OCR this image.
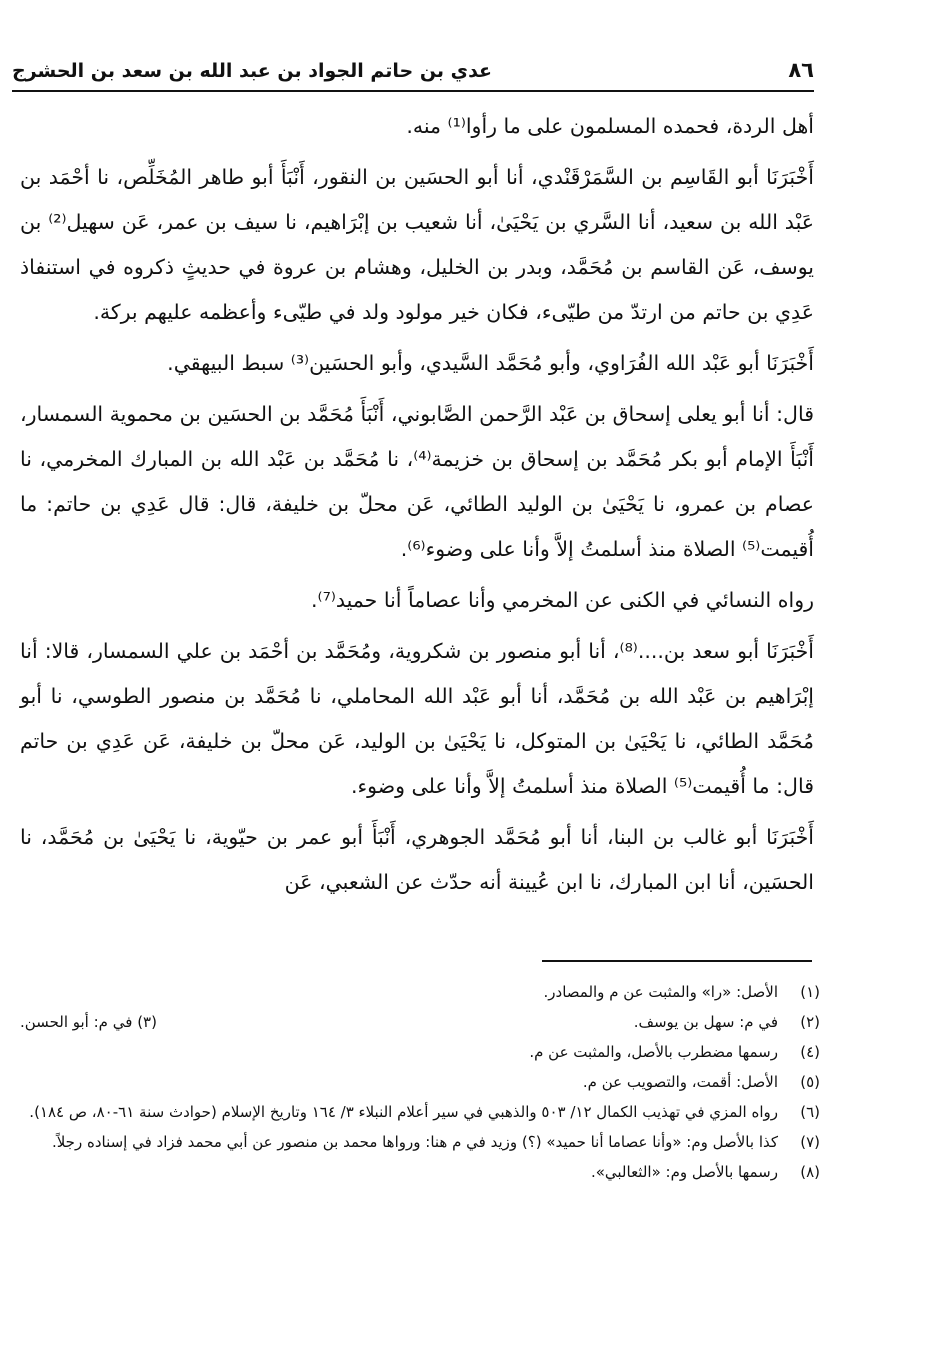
٨٦
عدي بن حاتم الجواد بن عبد الله بن سعد بن الحشرج

أهل الردة، فحمده المسلمون على ما رأوا⁽¹⁾ منه.

أَخْبَرَنَا أبو القَاسِم بن السَّمَرْقَنْدي، أنا أبو الحسَين بن النقور، أَنْبَأَ أبو طاهر المُخَلِّص، نا أحْمَد بن عَبْد الله بن سعيد، أنا السَّري بن يَحْيَىٰ، أنا شعيب بن إبْرَاهيم، نا سيف بن عمر، عَن سهيل⁽²⁾ بن يوسف، عَن القاسم بن مُحَمَّد، وبدر بن الخليل، وهشام بن عروة في حديثٍ ذكروه في استنفاذ عَدِي بن حاتم من ارتدّ من طيّىء، فكان خير مولود ولد في طيّىء وأعظمه عليهم بركة.

أَخْبَرَنَا أبو عَبْد الله الفُرَاوي، وأبو مُحَمَّد السَّيدي، وأبو الحسَين⁽³⁾ سبط البيهقي.

قال: أنا أبو يعلى إسحاق بن عَبْد الرَّحمن الصَّابوني، أَنْبَأَ مُحَمَّد بن الحسَين بن محموية السمسار، أَنْبَأَ الإمام أبو بكر مُحَمَّد بن إسحاق بن خزيمة⁽⁴⁾، نا مُحَمَّد بن عَبْد الله بن المبارك المخرمي، نا عصام بن عمرو، نا يَحْيَىٰ بن الوليد الطائي، عَن محلّ بن خليفة، قال: قال عَدِي بن حاتم: ما أُقيمت⁽⁵⁾ الصلاة منذ أسلمتُ إلاَّ وأنا على وضوء⁽⁶⁾.

رواه النسائي في الكنى عن المخرمي وأنا عصاماً أنا حميد⁽⁷⁾.

أَخْبَرَنَا أبو سعد بن....⁽⁸⁾، أنا أبو منصور بن شكروية، ومُحَمَّد بن أحْمَد بن علي السمسار، قالا: أنا إبْرَاهيم بن عَبْد الله بن مُحَمَّد، أنا أبو عَبْد الله المحاملي، نا مُحَمَّد بن منصور الطوسي، نا أبو مُحَمَّد الطائي، نا يَحْيَىٰ بن المتوكل، نا يَحْيَىٰ بن الوليد، عَن محلّ بن خليفة، عَن عَدِي بن حاتم قال: ما أُقيمت⁽⁵⁾ الصلاة منذ أسلمتُ إلاَّ وأنا على وضوء.

أَخْبَرَنَا أبو غالب بن البنا، أنا أبو مُحَمَّد الجوهري، أَنْبَأَ أبو عمر بن حيّوية، نا يَحْيَىٰ بن مُحَمَّد، نا الحسَين، أنا ابن المبارك، نا ابن عُيينة أنه حدّث عن الشعبي، عَن

(١)
الأصل: «را» والمثبت عن م والمصادر.
(٢)
في م: سهل بن يوسف.
(٣) في م: أبو الحسن.
(٤)
رسمها مضطرب بالأصل، والمثبت عن م.
(٥)
الأصل: أقمت، والتصويب عن م.
(٦)
رواه المزي في تهذيب الكمال ١٢/ ٥٠٣ والذهبي في سير أعلام النبلاء ٣/ ١٦٤ وتاريخ الإسلام (حوادث سنة ٦١-٨٠، ص ١٨٤).
(٧)
كذا بالأصل وم: «وأنا عصاما أنا حميد» (؟) وزيد في م هنا: ورواها محمد بن منصور عن أبي محمد فزاد في إسناده رجلاً.
(٨)
رسمها بالأصل وم: «الثعالبي».
